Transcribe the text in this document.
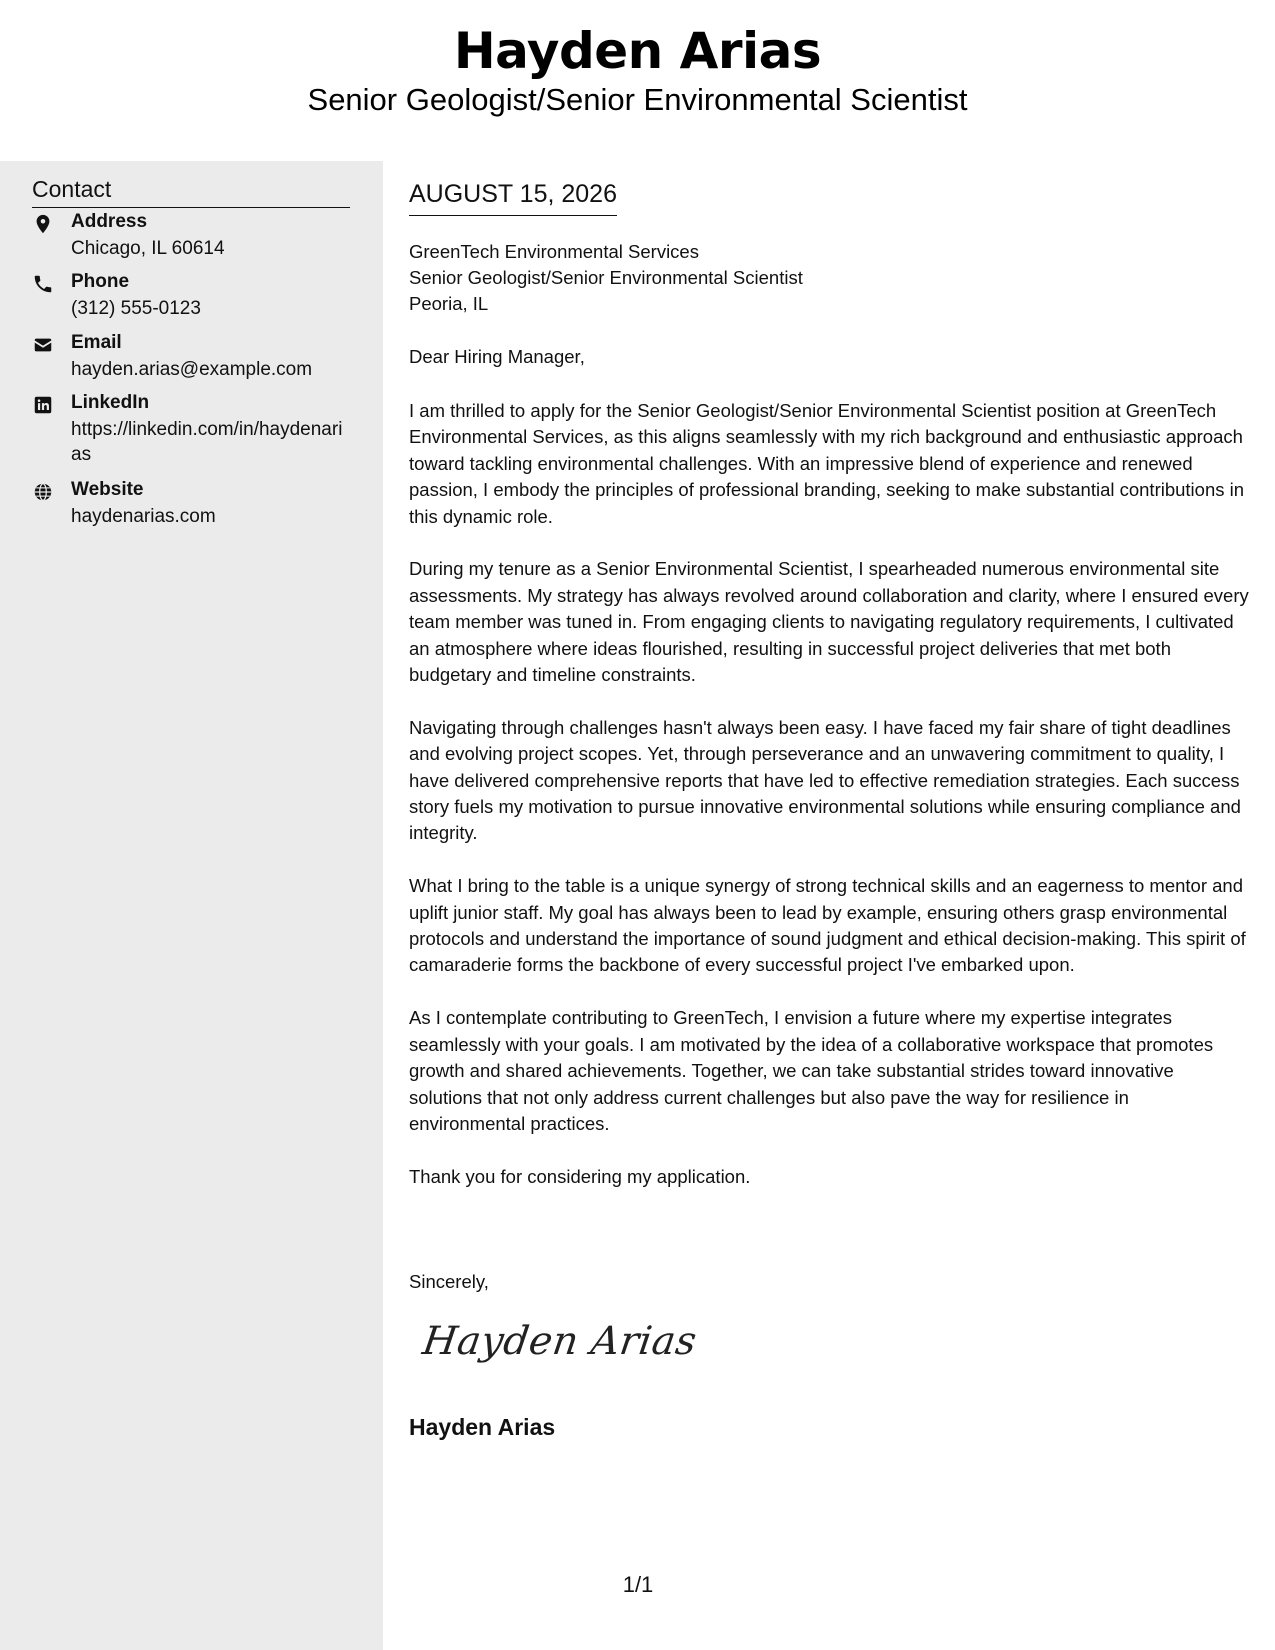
Hayden Arias
Senior Geologist/Senior Environmental Scientist
Contact
Address
Chicago, IL 60614
Phone
(312) 555-0123
Email
hayden.arias@example.com
LinkedIn
https://linkedin.com/in/haydenarias
Website
haydenarias.com
AUGUST 15, 2026
GreenTech Environmental Services
Senior Geologist/Senior Environmental Scientist
Peoria, IL
Dear Hiring Manager,

I am thrilled to apply for the Senior Geologist/Senior Environmental Scientist position at GreenTech Environmental Services, as this aligns seamlessly with my rich background and enthusiastic approach toward tackling environmental challenges. With an impressive blend of experience and renewed passion, I embody the principles of professional branding, seeking to make substantial contributions in this dynamic role.

During my tenure as a Senior Environmental Scientist, I spearheaded numerous environmental site assessments. My strategy has always revolved around collaboration and clarity, where I ensured every team member was tuned in. From engaging clients to navigating regulatory requirements, I cultivated an atmosphere where ideas flourished, resulting in successful project deliveries that met both budgetary and timeline constraints.

Navigating through challenges hasn't always been easy. I have faced my fair share of tight deadlines and evolving project scopes. Yet, through perseverance and an unwavering commitment to quality, I have delivered comprehensive reports that have led to effective remediation strategies. Each success story fuels my motivation to pursue innovative environmental solutions while ensuring compliance and integrity.

What I bring to the table is a unique synergy of strong technical skills and an eagerness to mentor and uplift junior staff. My goal has always been to lead by example, ensuring others grasp environmental protocols and understand the importance of sound judgment and ethical decision-making. This spirit of camaraderie forms the backbone of every successful project I've embarked upon.

As I contemplate contributing to GreenTech, I envision a future where my expertise integrates seamlessly with your goals. I am motivated by the idea of a collaborative workspace that promotes growth and shared achievements. Together, we can take substantial strides toward innovative solutions that not only address current challenges but also pave the way for resilience in environmental practices.

Thank you for considering my application.

Sincerely,
Hayden Arias
Hayden Arias
1/1
